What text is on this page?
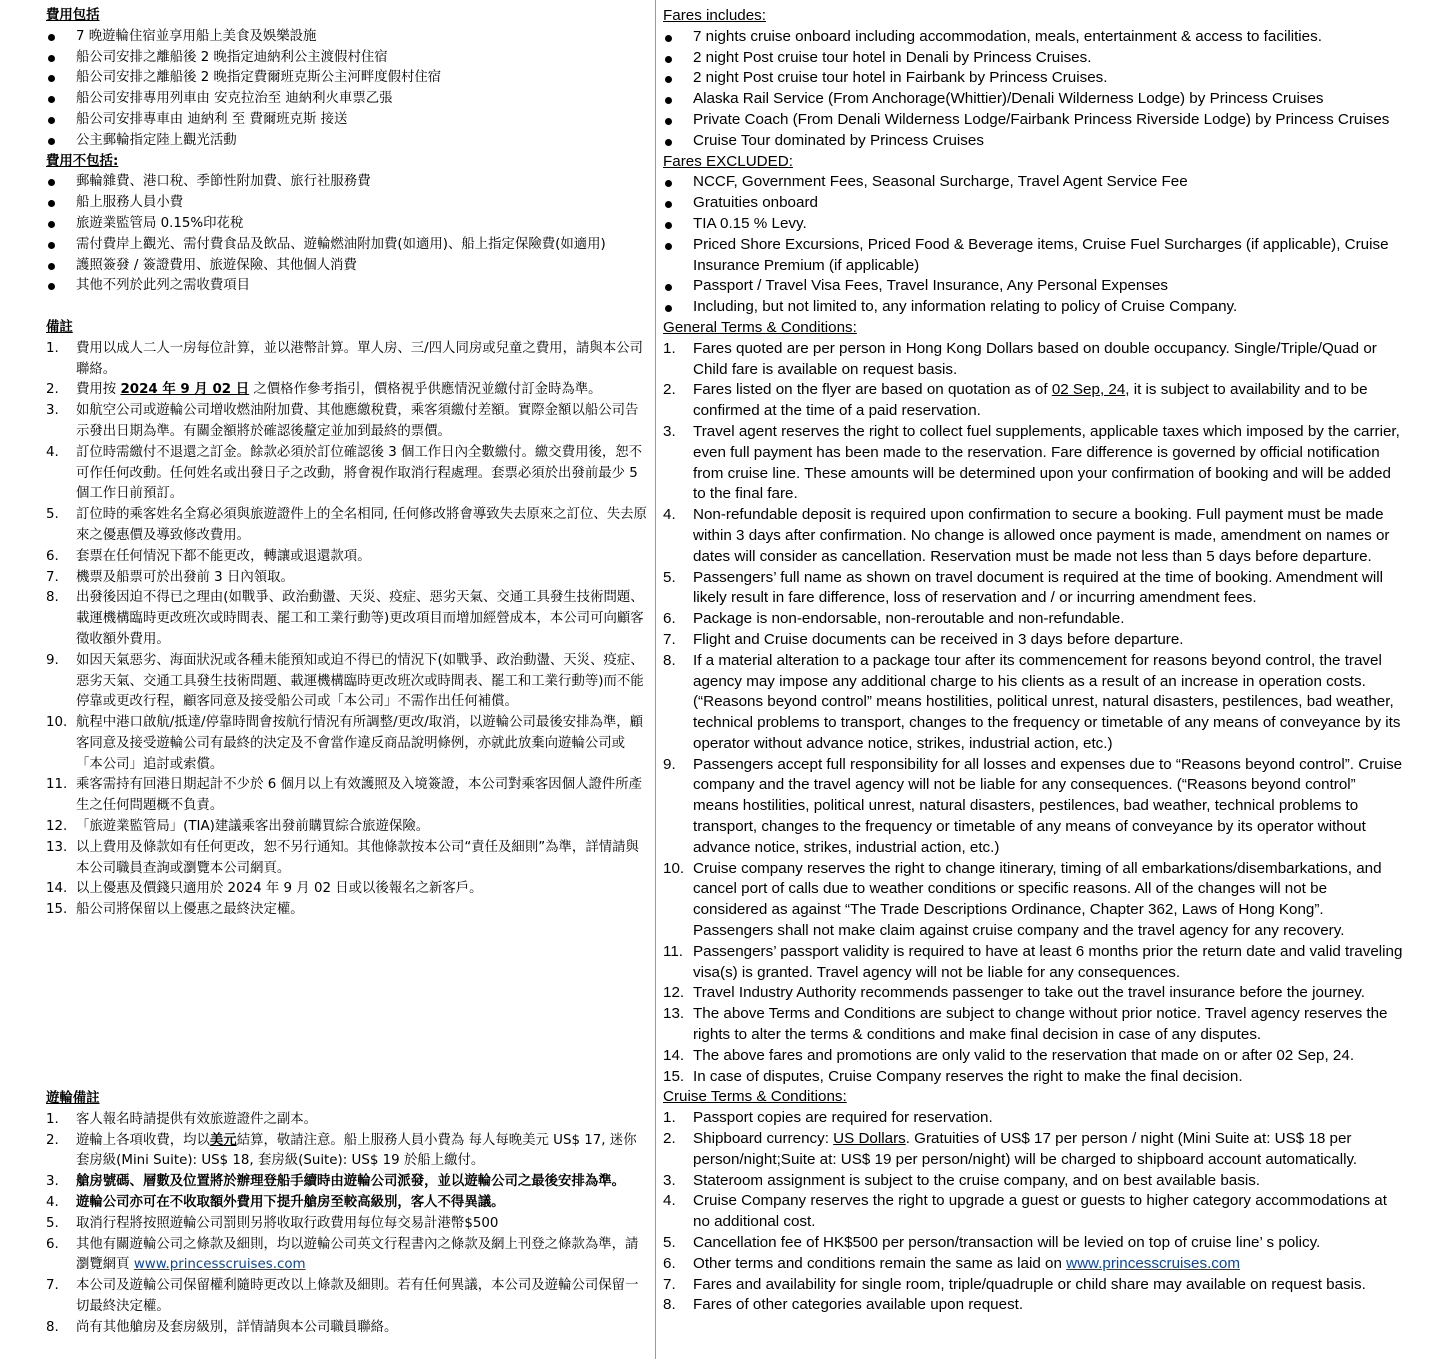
費用包括
7 晚遊輪住宿並享用船上美食及娛樂設施
船公司安排之離船後 2 晚指定迪納利公主渡假村住宿
船公司安排之離船後 2 晚指定費爾班克斯公主河畔度假村住宿
船公司安排專用列車由 安克拉治至 迪納利火車票乙張
船公司安排專車由 迪納利 至 費爾班克斯 接送
公主郵輪指定陸上觀光活動
費用不包括:
郵輪雜費、港口稅、季節性附加費、旅行社服務費
船上服務人員小費
旅遊業監管局 0.15%印花稅
需付費岸上觀光、需付費食品及飲品、遊輪燃油附加費(如適用)、船上指定保險費(如適用)
護照簽發 / 簽證費用、旅遊保險、其他個人消費
其他不列於此列之需收費項目
備註
1. 費用以成人二人一房每位計算，並以港幣計算。單人房、三/四人同房或兒童之費用，請與本公司聯絡。
2. 費用按 2024 年 9 月 02 日 之價格作參考指引，價格視乎供應情況並繳付訂金時為準。
3. 如航空公司或遊輪公司增收燃油附加費、其他應繳稅費，乘客須繳付差額。實際金額以船公司告示發出日期為準。有關金額將於確認後釐定並加到最終的票價。
4. 訂位時需繳付不退還之訂金。餘款必須於訂位確認後 3 個工作日內全數繳付。繳交費用後，恕不可作任何改動。任何姓名或出發日子之改動，將會視作取消行程處理。套票必須於出發前最少 5 個工作日前預訂。
5. 訂位時的乘客姓名全寫必須與旅遊證件上的全名相同, 任何修改將會導致失去原來之訂位、失去原來之優惠價及導致修改費用。
6. 套票在任何情況下都不能更改，轉讓或退還款項。
7. 機票及船票可於出發前 3 日內領取。
8. 出發後因迫不得已之理由(如戰爭、政治動盪、天災、疫症、惡劣天氣、交通工具發生技術問題、載運機構臨時更改班次或時間表、罷工和工業行動等)更改項目而增加經營成本，本公司可向顧客徵收額外費用。
9. 如因天氣惡劣、海面狀況或各種未能預知或迫不得已的情況下(如戰爭、政治動盪、天災、疫症、惡劣天氣、交通工具發生技術問題、載運機構臨時更改班次或時間表、罷工和工業行動等)而不能停靠或更改行程，顧客同意及接受船公司或「本公司」不需作出任何補償。
10. 航程中港口啟航/抵達/停靠時間會按航行情況有所調整/更改/取消，以遊輪公司最後安排為準，顧客同意及接受遊輪公司有最終的決定及不會當作違反商品說明條例，亦就此放棄向遊輪公司或「本公司」追討或索償。
11. 乘客需持有回港日期起計不少於 6 個月以上有效護照及入境簽證，本公司對乘客因個人證件所產生之任何問題概不負責。
12. 「旅遊業監管局」(TIA)建議乘客出發前購買綜合旅遊保險。
13. 以上費用及條款如有任何更改，恕不另行通知。其他條款按本公司“責任及細則”為準，詳情請與本公司職員查詢或瀏覽本公司網頁。
14. 以上優惠及價錢只適用於 2024 年 9 月 02 日或以後報名之新客戶。
15. 船公司將保留以上優惠之最終決定權。
遊輪備註
1. 客人報名時請提供有效旅遊證件之副本。
2. 遊輪上各項收費，均以美元結算，敬請注意。船上服務人員小費為 每人每晚美元 US$ 17, 迷你套房級(Mini Suite): US$ 18, 套房級(Suite): US$ 19 於船上繳付。
3. 艙房號碼、層數及位置將於辦理登船手續時由遊輪公司派發，並以遊輪公司之最後安排為準。
4. 遊輪公司亦可在不收取額外費用下提升艙房至較高級別，客人不得異議。
5. 取消行程將按照遊輪公司罰則另將收取行政費用每位每交易計港幣$500
6. 其他有關遊輪公司之條款及細則，均以遊輪公司英文行程書內之條款及網上刊登之條款為準，請瀏覽網頁 www.princesscruises.com
7. 本公司及遊輪公司保留權利隨時更改以上條款及細則。若有任何異議，本公司及遊輪公司保留一切最終決定權。
8. 尚有其他艙房及套房級別，詳情請與本公司職員聯絡。
Fares includes:
7 nights cruise onboard including accommodation, meals, entertainment & access to facilities.
2 night Post cruise tour hotel in Denali by Princess Cruises.
2 night Post cruise tour hotel in Fairbank by Princess Cruises.
Alaska Rail Service (From Anchorage(Whittier)/Denali Wilderness Lodge) by Princess Cruises
Private Coach (From Denali Wilderness Lodge/Fairbank Princess Riverside Lodge) by Princess Cruises
Cruise Tour dominated by Princess Cruises
Fares EXCLUDED:
NCCF, Government Fees, Seasonal Surcharge, Travel Agent Service Fee
Gratuities onboard
TIA 0.15 % Levy.
Priced Shore Excursions, Priced Food & Beverage items, Cruise Fuel Surcharges (if applicable), Cruise Insurance Premium (if applicable)
Passport / Travel Visa Fees, Travel Insurance, Any Personal Expenses
Including, but not limited to, any information relating to policy of Cruise Company.
General Terms & Conditions:
1. Fares quoted are per person in Hong Kong Dollars based on double occupancy. Single/Triple/Quad or Child fare is available on request basis.
2. Fares listed on the flyer are based on quotation as of 02 Sep, 24, it is subject to availability and to be confirmed at the time of a paid reservation.
3. Travel agent reserves the right to collect fuel supplements, applicable taxes which imposed by the carrier, even full payment has been made to the reservation. Fare difference is governed by official notification from cruise line. These amounts will be determined upon your confirmation of booking and will be added to the final fare.
4. Non-refundable deposit is required upon confirmation to secure a booking. Full payment must be made within 3 days after confirmation. No change is allowed once payment is made, amendment on names or dates will consider as cancellation. Reservation must be made not less than 5 days before departure.
5. Passengers’ full name as shown on travel document is required at the time of booking. Amendment will likely result in fare difference, loss of reservation and / or incurring amendment fees.
6. Package is non-endorsable, non-reroutable and non-refundable.
7. Flight and Cruise documents can be received in 3 days before departure.
8. If a material alteration to a package tour after its commencement for reasons beyond control, the travel agency may impose any additional charge to his clients as a result of an increase in operation costs. (“Reasons beyond control” means hostilities, political unrest, natural disasters, pestilences, bad weather, technical problems to transport, changes to the frequency or timetable of any means of conveyance by its operator without advance notice, strikes, industrial action, etc.)
9. Passengers accept full responsibility for all losses and expenses due to “Reasons beyond control”. Cruise company and the travel agency will not be liable for any consequences. (“Reasons beyond control” means hostilities, political unrest, natural disasters, pestilences, bad weather, technical problems to transport, changes to the frequency or timetable of any means of conveyance by its operator without advance notice, strikes, industrial action, etc.)
10. Cruise company reserves the right to change itinerary, timing of all embarkations/disembarkations, and cancel port of calls due to weather conditions or specific reasons. All of the changes will not be considered as against “The Trade Descriptions Ordinance, Chapter 362, Laws of Hong Kong”. Passengers shall not make claim against cruise company and the travel agency for any recovery.
11. Passengers’ passport validity is required to have at least 6 months prior the return date and valid traveling visa(s) is granted. Travel agency will not be liable for any consequences.
12. Travel Industry Authority recommends passenger to take out the travel insurance before the journey.
13. The above Terms and Conditions are subject to change without prior notice. Travel agency reserves the rights to alter the terms & conditions and make final decision in case of any disputes.
14. The above fares and promotions are only valid to the reservation that made on or after 02 Sep, 24.
15. In case of disputes, Cruise Company reserves the right to make the final decision.
Cruise Terms & Conditions:
1. Passport copies are required for reservation.
2. Shipboard currency: US Dollars. Gratuities of US$ 17 per person / night (Mini Suite at: US$ 18 per person/night;Suite at: US$ 19 per person/night) will be charged to shipboard account automatically.
3. Stateroom assignment is subject to the cruise company, and on best available basis.
4. Cruise Company reserves the right to upgrade a guest or guests to higher category accommodations at no additional cost.
5. Cancellation fee of HK$500 per person/transaction will be levied on top of cruise line’ s policy.
6. Other terms and conditions remain the same as laid on www.princesscruises.com
7. Fares and availability for single room, triple/quadruple or child share may available on request basis.
8. Fares of other categories available upon request.
